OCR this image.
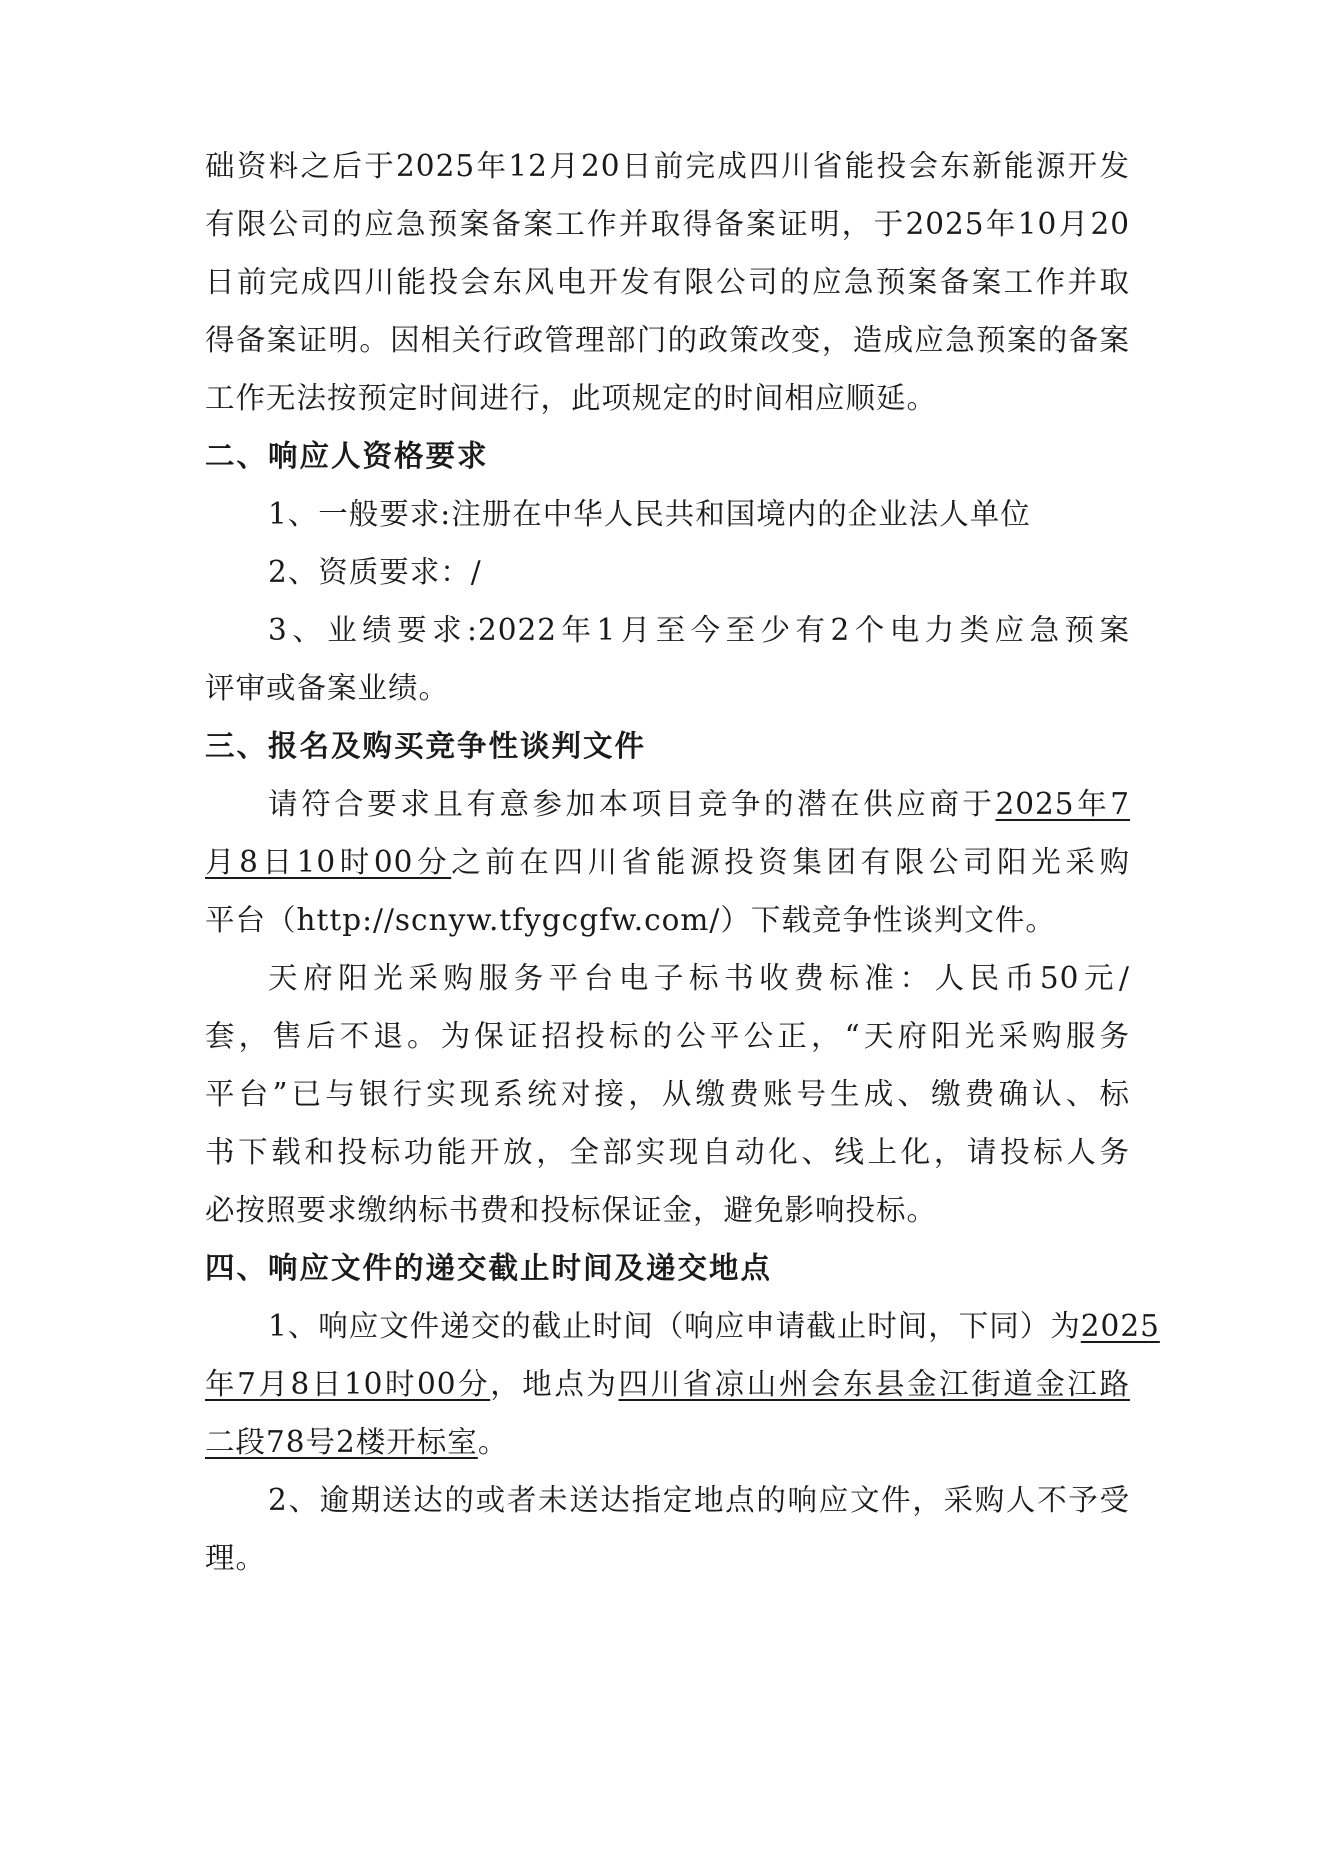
础资料之后于2025年12月20日前完成四川省能投会东新能源开发
有限公司的应急预案备案工作并取得备案证明，于2025年10月20
日前完成四川能投会东风电开发有限公司的应急预案备案工作并取
得备案证明。因相关行政管理部门的政策改变，造成应急预案的备案
工作无法按预定时间进行，此项规定的时间相应顺延。
二、响应人资格要求
1、一般要求:注册在中华人民共和国境内的企业法人单位
2、资质要求：/
3、业绩要求:2022年1月至今至少有2个电力类应急预案
评审或备案业绩。
三、报名及购买竞争性谈判文件
请符合要求且有意参加本项目竞争的潜在供应商于2025年7
月8日10时00分之前在四川省能源投资集团有限公司阳光采购
平台（http://scnyw.tfygcgfw.com/）下载竞争性谈判文件。
天府阳光采购服务平台电子标书收费标准：人民币50元/
套，售后不退。为保证招投标的公平公正，“天府阳光采购服务
平台”已与银行实现系统对接，从缴费账号生成、缴费确认、标
书下载和投标功能开放，全部实现自动化、线上化，请投标人务
必按照要求缴纳标书费和投标保证金，避免影响投标。
四、响应文件的递交截止时间及递交地点
1、响应文件递交的截止时间（响应申请截止时间，下同）为2025
年7月8日10时00分，地点为四川省凉山州会东县金江街道金江路
二段78号2楼开标室。
2、逾期送达的或者未送达指定地点的响应文件，采购人不予受
理。
